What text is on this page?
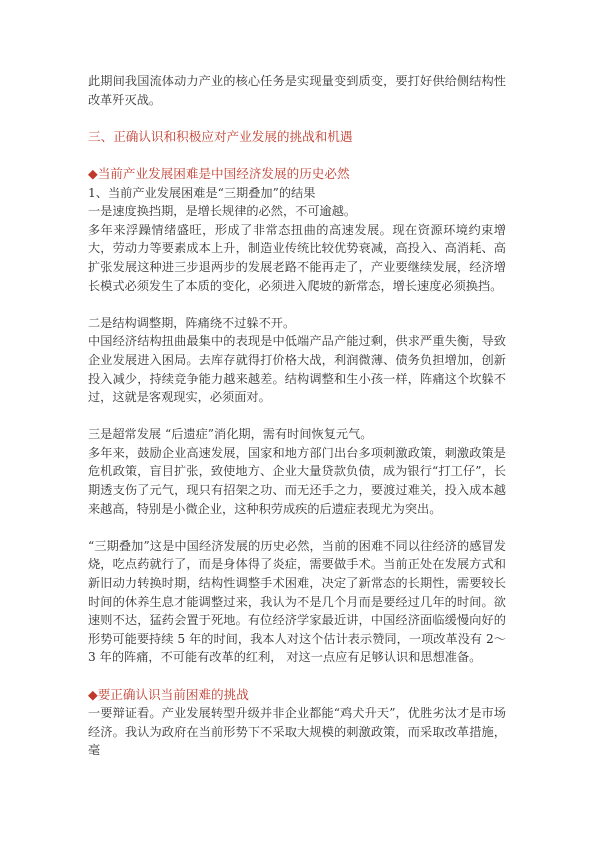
此期间我国流体动力产业的核心任务是实现量变到质变，要打好供给侧结构性改革歼灭战。

三、正确认识和积极应对产业发展的挑战和机遇

◆当前产业发展困难是中国经济发展的历史必然

1、当前产业发展困难是“三期叠加”的结果

一是速度换挡期，是增长规律的必然，不可逾越。

多年来浮躁情绪盛旺，形成了非常态扭曲的高速发展。现在资源环境约束增大，劳动力等要素成本上升，制造业传统比较优势衰减，高投入、高消耗、高扩张发展这种进三步退两步的发展老路不能再走了，产业要继续发展，经济增长模式必须发生了本质的变化，必须进入爬坡的新常态，增长速度必须换挡。

二是结构调整期，阵痛绕不过躲不开。

中国经济结构扭曲最集中的表现是中低端产品产能过剩，供求严重失衡，导致企业发展进入困局。去库存就得打价格大战，利润微薄、债务负担增加，创新投入减少，持续竞争能力越来越差。结构调整和生小孩一样，阵痛这个坎躲不过，这就是客观现实，必须面对。

三是超常发展 “后遗症”消化期，需有时间恢复元气。

多年来，鼓励企业高速发展，国家和地方部门出台多项刺激政策，刺激政策是危机政策，盲目扩张，致使地方、企业大量贷款负债，成为银行“打工仔”，长期透支伤了元气，现只有招架之功、而无还手之力，要渡过难关，投入成本越来越高，特别是小微企业，这种积劳成疾的后遗症表现尤为突出。

“三期叠加”这是中国经济发展的历史必然，当前的困难不同以往经济的感冒发烧，吃点药就行了，而是身体得了炎症，需要做手术。当前正处在发展方式和新旧动力转换时期，结构性调整手术困难，决定了新常态的长期性，需要较长时间的休养生息才能调整过来，我认为不是几个月而是要经过几年的时间。欲速则不达，猛药会置于死地。有位经济学家最近讲，中国经济面临缓慢向好的形势可能要持续 5 年的时间，我本人对这个估计表示赞同，一项改革没有 2～3 年的阵痛，不可能有改革的红利， 对这一点应有足够认识和思想准备。

◆要正确认识当前困难的挑战

一要辩证看。产业发展转型升级并非企业都能“鸡犬升天”，优胜劣汰才是市场经济。我认为政府在当前形势下不采取大规模的刺激政策，而采取改革措施，毫
